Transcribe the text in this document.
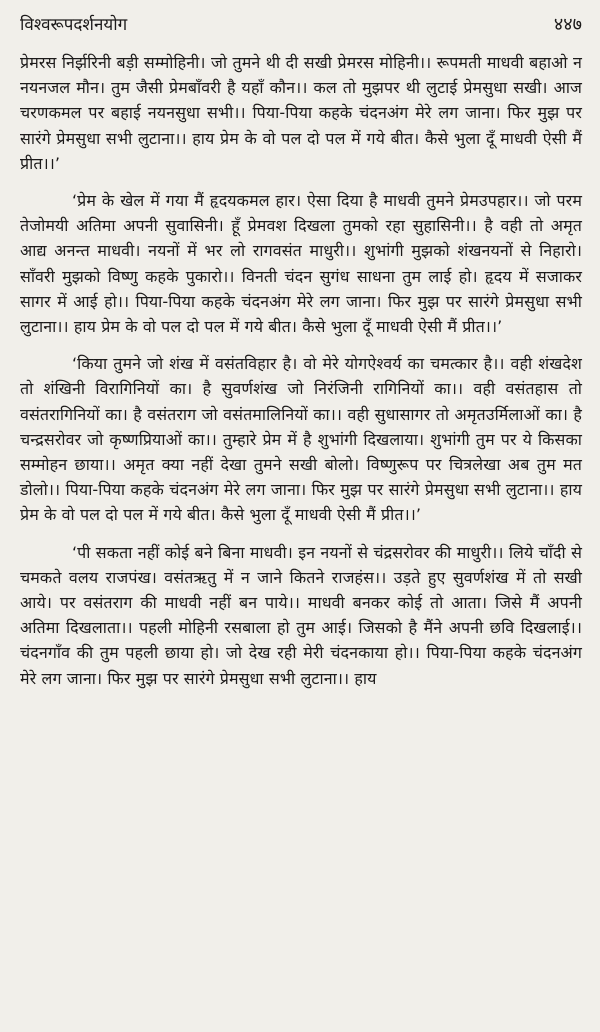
विश्वरूपदर्शनयोग	४४७

प्रेमरस निर्झरिनी बड़ी सम्मोहिनी। जो तुमने थी दी सखी प्रेमरस मोहिनी।। रूपमती माधवी बहाओ न नयनजल मौन। तुम जैसी प्रेमबाँवरी है यहाँ कौन।। कल तो मुझपर थी लुटाई प्रेमसुधा सखी। आज चरणकमल पर बहाई नयनसुधा सभी।। पिया-पिया कहके चंदनअंग मेरे लग जाना। फिर मुझ पर सारंगे प्रेमसुधा सभी लुटाना।। हाय प्रेम के वो पल दो पल में गये बीत। कैसे भुला दूँ माधवी ऐसी मैं प्रीत।।’

‘प्रेम के खेल में गया मैं हृदयकमल हार। ऐसा दिया है माधवी तुमने प्रेमउपहार।। जो परम तेजोमयी अतिमा अपनी सुवासिनी। हूँ प्रेमवश दिखला तुमको रहा सुहासिनी।। है वही तो अमृत आद्य अनन्त माधवी। नयनों में भर लो रागवसंत माधुरी।। शुभांगी मुझको शंखनयनों से निहारो। साँवरी मुझको विष्णु कहके पुकारो।। विनती चंदन सुगंध साधना तुम लाई हो। हृदय में सजाकर सागर में आई हो।। पिया-पिया कहके चंदनअंग मेरे लग जाना। फिर मुझ पर सारंगे प्रेमसुधा सभी लुटाना।। हाय प्रेम के वो पल दो पल में गये बीत। कैसे भुला दूँ माधवी ऐसी मैं प्रीत।।’

‘किया तुमने जो शंख में वसंतविहार है। वो मेरे योगऐश्वर्य का चमत्कार है।। वही शंखदेश तो शंखिनी विरागिनियों का। है सुवर्णशंख जो निरंजिनी रागिनियों का।। वही वसंतहास तो वसंतरागिनियों का। है वसंतराग जो वसंतमालिनियों का।। वही सुधासागर तो अमृतउर्मिलाओं का। है चन्द्रसरोवर जो कृष्णप्रियाओं का।। तुम्हारे प्रेम में है शुभांगी दिखलाया। शुभांगी तुम पर ये किसका सम्मोहन छाया।। अमृत क्या नहीं देखा तुमने सखी बोलो। विष्णुरूप पर चित्रलेखा अब तुम मत डोलो।। पिया-पिया कहके चंदनअंग मेरे लग जाना। फिर मुझ पर सारंगे प्रेमसुधा सभी लुटाना।। हाय प्रेम के वो पल दो पल में गये बीत। कैसे भुला दूँ माधवी ऐसी मैं प्रीत।।’

‘पी सकता नहीं कोई बने बिना माधवी। इन नयनों से चंद्रसरोवर की माधुरी।। लिये चाँदी से चमकते वलय राजपंख। वसंतऋतु में न जाने कितने राजहंस।। उड़ते हुए सुवर्णशंख में तो सखी आये। पर वसंतराग की माधवी नहीं बन पाये।। माधवी बनकर कोई तो आता। जिसे मैं अपनी अतिमा दिखलाता।। पहली मोहिनी रसबाला हो तुम आई। जिसको है मैंने अपनी छवि दिखलाई।। चंदनगाँव की तुम पहली छाया हो। जो देख रही मेरी चंदनकाया हो।। पिया-पिया कहके चंदनअंग मेरे लग जाना। फिर मुझ पर सारंगे प्रेमसुधा सभी लुटाना।। हाय
